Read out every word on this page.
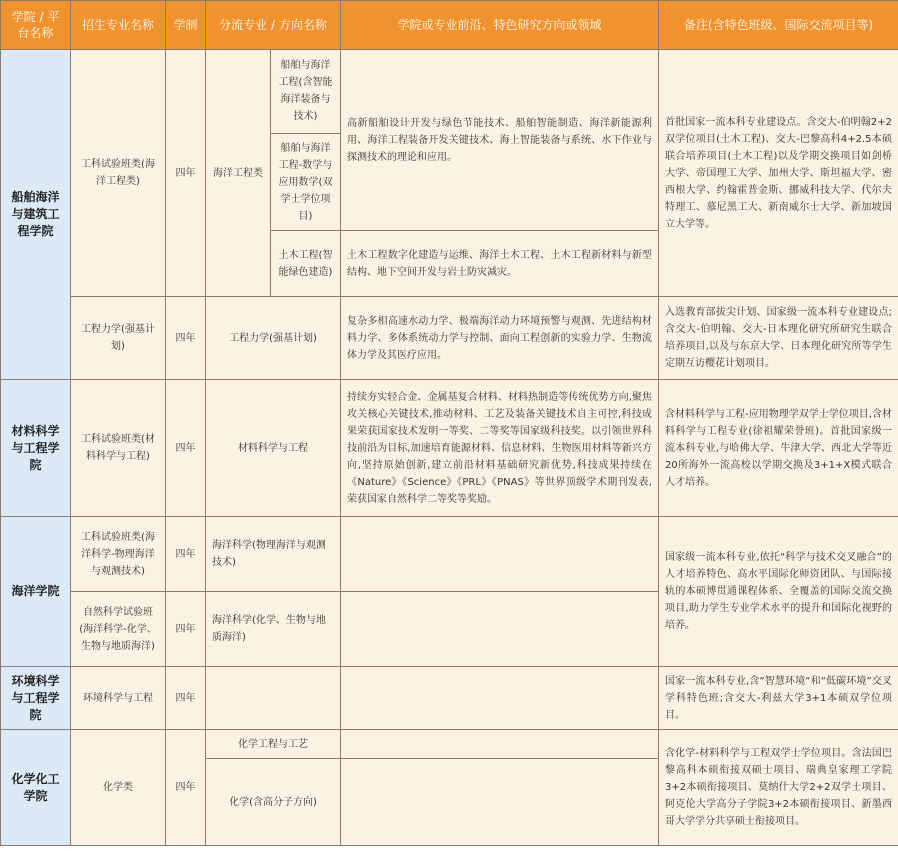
学院 / 平台名称	招生专业名称	学制	分流专业 / 方向名称		学院或专业前沿、特色研究方向或领域	备注(含特色班级、国际交流项目等)
船舶海洋与建筑工程学院	工科试验班类(海洋工程类)	四年	海洋工程类	船舶与海洋工程(含智能海洋装备与技术)	高新船舶设计开发与绿色节能技术、船舶智能制造、海洋新能源利用、海洋工程装备开发关键技术、海上智能装备与系统、水下作业与探测技术的理论和应用。	首批国家一流本科专业建设点。含交大-伯明翰2+2双学位项目(土木工程)、交大-巴黎高科4+2.5本硕联合培养项目(土木工程)以及学期交换项目如剑桥大学、帝国理工大学、加州大学、斯坦福大学、密西根大学、约翰霍普金斯、挪威科技大学、代尔夫特理工、慕尼黑工大、新南威尔士大学、新加坡国立大学等。
				船舶与海洋工程-数学与应用数学(双学士学位项目)		
				土木工程(智能绿色建造)	土木工程数字化建造与运维、海洋土木工程、土木工程新材料与新型结构、地下空间开发与岩土防灾减灾。	
	工程力学(强基计划)	四年	工程力学(强基计划)		复杂多相高速水动力学、极端海洋动力环境预警与观测、先进结构材料力学、多体系统动力学与控制、面向工程创新的实验力学、生物流体力学及其医疗应用。	入选教育部拔尖计划、国家级一流本科专业建设点;含交大-伯明翰、交大-日本理化研究所研究生联合培养项目,以及与东京大学、日本理化研究所等学生定期互访樱花计划项目。
材料科学与工程学院	工科试验班类(材料科学与工程)	四年	材料科学与工程		持续夯实轻合金、金属基复合材料、材料热制造等传统优势方向,聚焦攻关核心关键技术,推动材料、工艺及装备关键技术自主可控,科技成果荣获国家技术发明一等奖、二等奖等国家级科技奖。以引领世界科技前沿为目标,加速培育能源材料、信息材料、生物医用材料等新兴方向,坚持原始创新,建立前沿材料基础研究新优势,科技成果持续在《Nature》《Science》《PRL》《PNAS》等世界顶级学术期刊发表,荣获国家自然科学二等奖等奖励。	含材料科学与工程-应用物理学双学士学位项目,含材料科学与工程专业(徐祖耀荣誉班)。首批国家级一流本科专业,与哈佛大学、牛津大学、西北大学等近20所海外一流高校以学期交换及3+1+X模式联合人才培养。
海洋学院	工科试验班类(海洋科学-物理海洋与观测技术)	四年	海洋科学(物理海洋与观测技术)			国家级一流本科专业,依托“科学与技术交叉融合”的人才培养特色、高水平国际化师资团队、与国际接轨的本硕博贯通课程体系、全覆盖的国际交流交换项目,助力学生专业学术水平的提升和国际化视野的培养。
	自然科学试验班(海洋科学-化学、生物与地质海洋)	四年	海洋科学(化学、生物与地质海洋)			
环境科学与工程学院	环境科学与工程	四年				国家一流本科专业,含“智慧环境”和“低碳环境”交叉学科特色班;含交大-利兹大学3+1本硕双学位项目。
化学化工学院	化学类	四年	化学工程与工艺			含化学-材料科学与工程双学士学位项目。含法国巴黎高科本硕衔接双硕士项目、瑞典皇家理工学院3+2本硕衔接项目、莫纳什大学2+2双学士项目、阿克伦大学高分子学院3+2本硕衔接项目、新墨西哥大学学分共享硕士衔接项目。
			化学(含高分子方向)			
